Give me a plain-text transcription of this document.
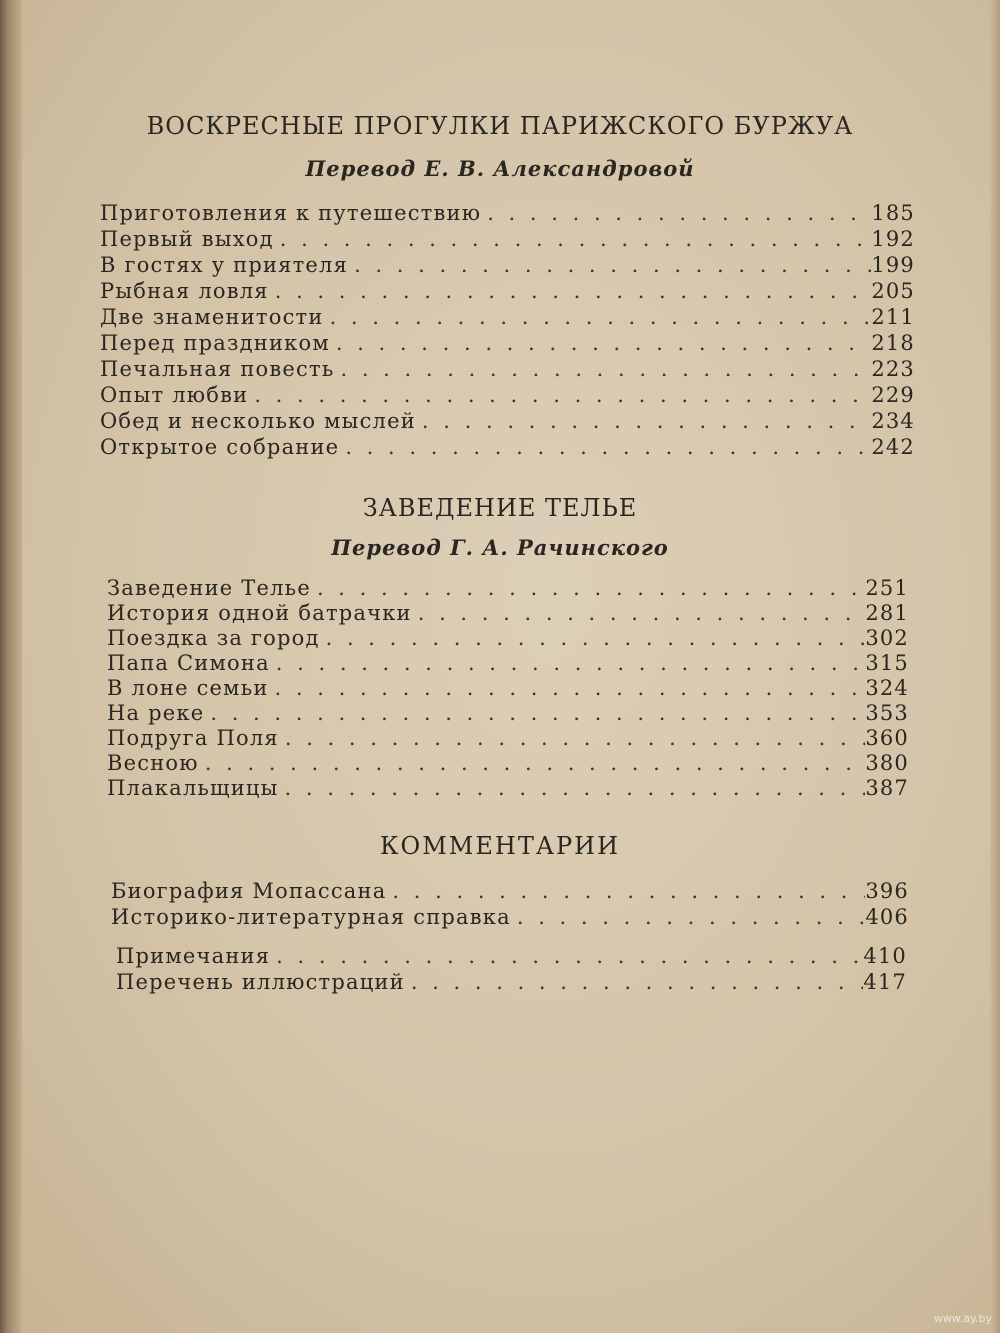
ВОСКРЕСНЫЕ ПРОГУЛКИ ПАРИЖСКОГО БУРЖУА
Перевод Е. В. Александровой
Приготовления к путешествию . . .	185
Первый выход . . .	192
В гостях у приятеля . . .	199
Рыбная ловля . . .	205
Две знаменитости . . .	211
Перед праздником . . .	218
Печальная повесть . . .	223
Опыт любви . . .	229
Обед и несколько мыслей . . .	234
Открытое собрание . . .	242
ЗАВЕДЕНИЕ ТЕЛЬЕ
Перевод Г. А. Рачинского
Заведение Телье . . .	251
История одной батрачки . . .	281
Поездка за город . . .	302
Папа Симона . . .	315
В лоне семьи . . .	324
На реке . . .	353
Подруга Поля . . .	360
Весною . . .	380
Плакальщицы . . .	387
КОММЕНТАРИИ
Биография Мопассана . . .	396
Историко-литературная справка . . .	406
Примечания . . .	410
Перечень иллюстраций . . .	417
www.ay.by
